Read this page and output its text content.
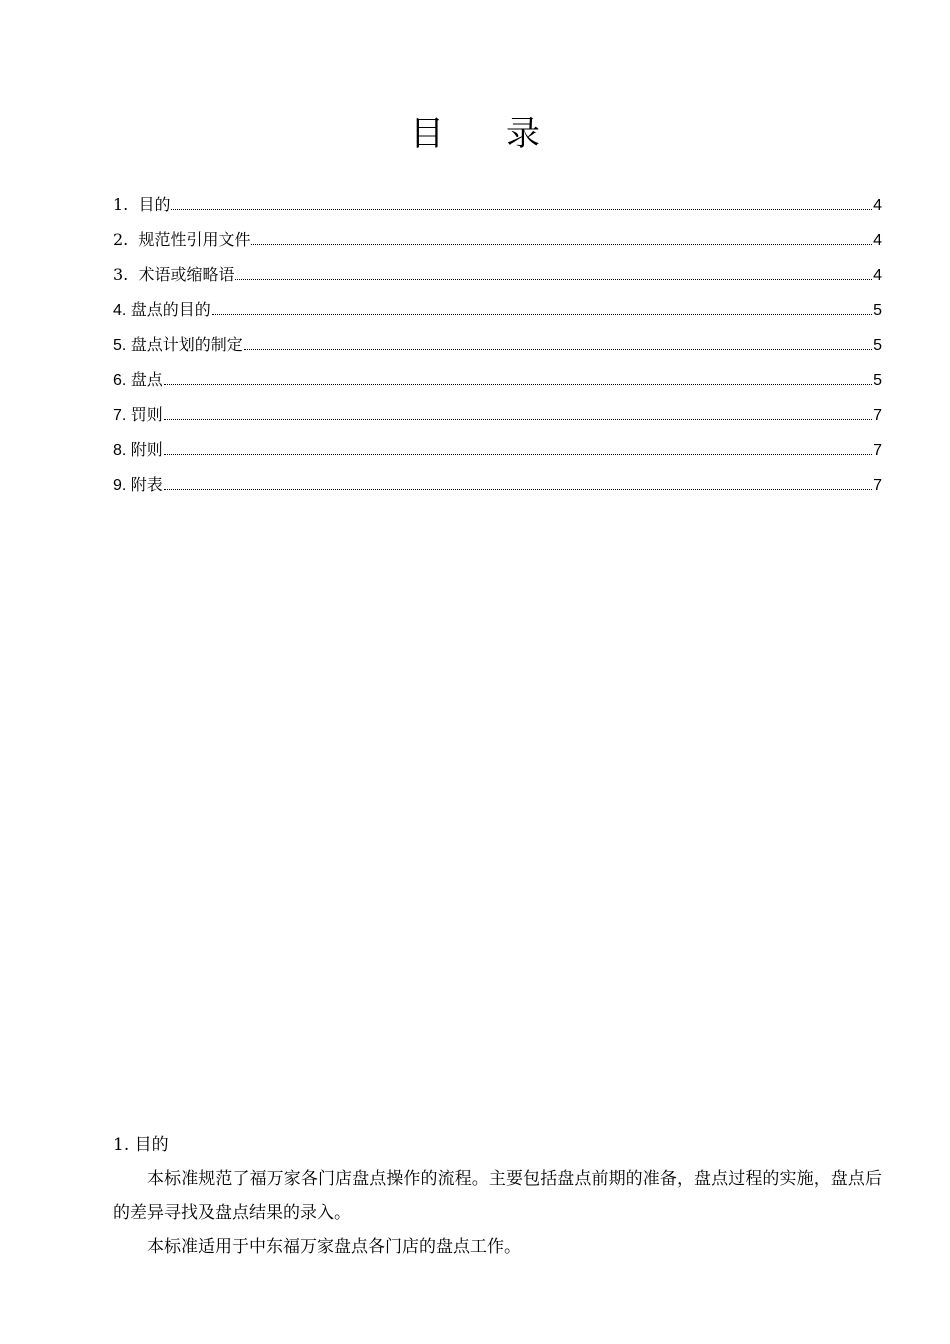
目 录
1. 目的	4
2. 规范性引用文件	4
3. 术语或缩略语	4
4. 盘点的目的	5
5. 盘点计划的制定	5
6. 盘点	5
7. 罚则	7
8. 附则	7
9. 附表	7

1. 目的

本标准规范了福万家各门店盘点操作的流程。主要包括盘点前期的准备，盘点过程的实施，盘点后的差异寻找及盘点结果的录入。

本标准适用于中东福万家盘点各门店的盘点工作。
